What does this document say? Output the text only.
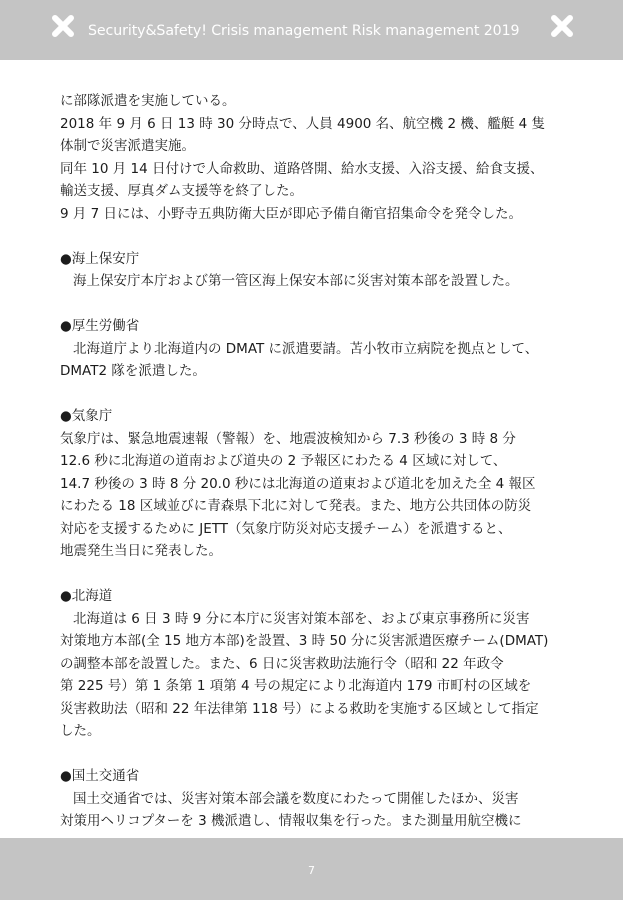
Security&Safety! Crisis management Risk management 2019
に部隊派遣を実施している。
2018 年 9 月 6 日 13 時 30 分時点で、人員 4900 名、航空機 2 機、艦艇 4 隻
体制で災害派遣実施。
同年 10 月 14 日付けで人命救助、道路啓開、給水支援、入浴支援、給食支援、
輸送支援、厚真ダム支援等を終了した。
9 月 7 日には、小野寺五典防衛大臣が即応予備自衛官招集命令を発令した。
●海上保安庁
海上保安庁本庁および第一管区海上保安本部に災害対策本部を設置した。
●厚生労働省
北海道庁より北海道内の DMAT に派遣要請。苫小牧市立病院を拠点として、
DMAT2 隊を派遣した。
●気象庁
気象庁は、緊急地震速報（警報）を、地震波検知から 7.3 秒後の 3 時 8 分
12.6 秒に北海道の道南および道央の 2 予報区にわたる 4 区域に対して、
14.7 秒後の 3 時 8 分 20.0 秒には北海道の道東および道北を加えた全 4 報区
にわたる 18 区域並びに青森県下北に対して発表。また、地方公共団体の防災
対応を支援するために JETT（気象庁防災対応支援チーム）を派遣すると、
地震発生当日に発表した。
●北海道
北海道は 6 日 3 時 9 分に本庁に災害対策本部を、および東京事務所に災害
対策地方本部(全 15 地方本部)を設置、3 時 50 分に災害派遣医療チーム(DMAT)
の調整本部を設置した。また、6 日に災害救助法施行令（昭和 22 年政令
第 225 号）第 1 条第 1 項第 4 号の規定により北海道内 179 市町村の区域を
災害救助法（昭和 22 年法律第 118 号）による救助を実施する区域として指定
した。
●国土交通省
国土交通省では、災害対策本部会議を数度にわたって開催したほか、災害
対策用ヘリコプターを 3 機派遣し、情報収集を行った。また測量用航空機に
7
